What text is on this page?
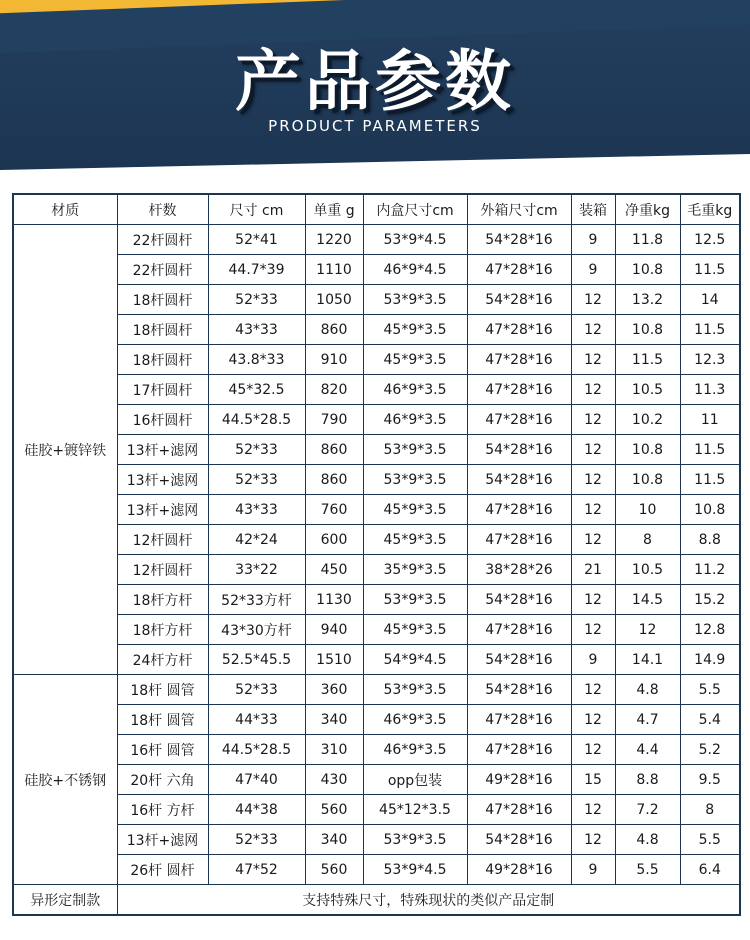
产品参数
PRODUCT PARAMETERS
材质	杆数	尺寸 cm	单重 g	内盒尺寸cm	外箱尺寸cm	装箱	净重kg	毛重kg
硅胶+镀锌铁	22杆圆杆	52*41	1220	53*9*4.5	54*28*16	9	11.8	12.5
	22杆圆杆	44.7*39	1110	46*9*4.5	47*28*16	9	10.8	11.5
	18杆圆杆	52*33	1050	53*9*3.5	54*28*16	12	13.2	14
	18杆圆杆	43*33	860	45*9*3.5	47*28*16	12	10.8	11.5
	18杆圆杆	43.8*33	910	45*9*3.5	47*28*16	12	11.5	12.3
	17杆圆杆	45*32.5	820	46*9*3.5	47*28*16	12	10.5	11.3
	16杆圆杆	44.5*28.5	790	46*9*3.5	47*28*16	12	10.2	11
	13杆+滤网	52*33	860	53*9*3.5	54*28*16	12	10.8	11.5
	13杆+滤网	52*33	860	53*9*3.5	54*28*16	12	10.8	11.5
	13杆+滤网	43*33	760	45*9*3.5	47*28*16	12	10	10.8
	12杆圆杆	42*24	600	45*9*3.5	47*28*16	12	8	8.8
	12杆圆杆	33*22	450	35*9*3.5	38*28*26	21	10.5	11.2
	18杆方杆	52*33方杆	1130	53*9*3.5	54*28*16	12	14.5	15.2
	18杆方杆	43*30方杆	940	45*9*3.5	47*28*16	12	12	12.8
	24杆方杆	52.5*45.5	1510	54*9*4.5	54*28*16	9	14.1	14.9
硅胶+不锈钢	18杆 圆管	52*33	360	53*9*3.5	54*28*16	12	4.8	5.5
	18杆 圆管	44*33	340	46*9*3.5	47*28*16	12	4.7	5.4
	16杆 圆管	44.5*28.5	310	46*9*3.5	47*28*16	12	4.4	5.2
	20杆 六角	47*40	430	opp包装	49*28*16	15	8.8	9.5
	16杆 方杆	44*38	560	45*12*3.5	47*28*16	12	7.2	8
	13杆+滤网	52*33	340	53*9*3.5	54*28*16	12	4.8	5.5
	26杆 圆杆	47*52	560	53*9*4.5	49*28*16	9	5.5	6.4
异形定制款	支持特殊尺寸，特殊现状的类似产品定制							
